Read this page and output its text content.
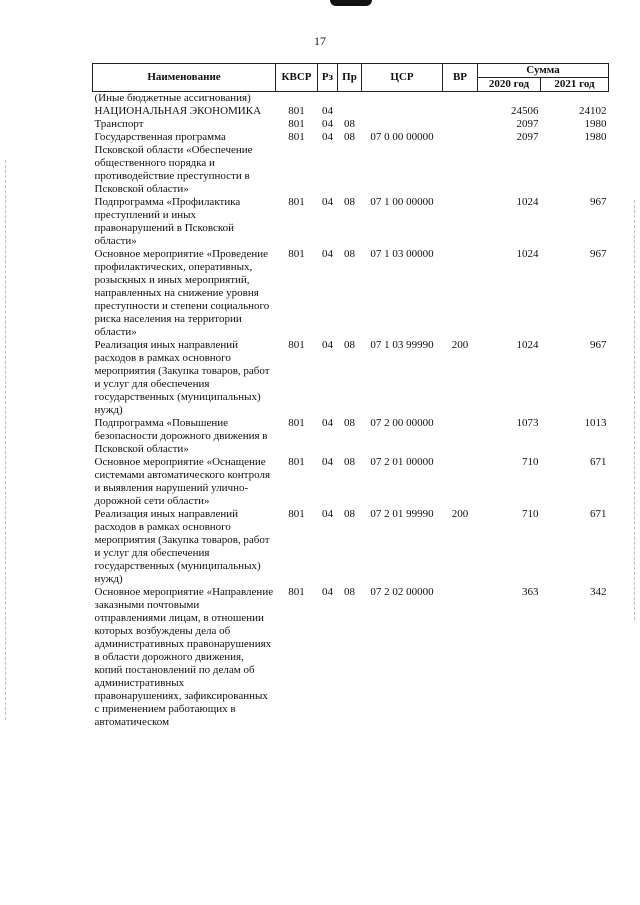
17
Наименование	КВСР	Рз	Пр	ЦСР	ВР	Сумма	
						2020 год	2021 год
(Иные бюджетные ассигнования)							
НАЦИОНАЛЬНАЯ ЭКОНОМИКА	801	04				24506	24102
Транспорт	801	04	08			2097	1980
Государственная программа Псковской области «Обеспечение общественного порядка и противодействие преступности в Псковской области»	801	04	08	07 0 00 00000		2097	1980
Подпрограмма «Профилактика преступлений и иных правонарушений в Псковской области»	801	04	08	07 1 00 00000		1024	967
Основное мероприятие «Проведение профилактических, оперативных, розыскных и иных мероприятий, направленных на снижение уровня преступности и степени социального риска населения на территории области»	801	04	08	07 1 03 00000		1024	967
Реализация иных направлений расходов в рамках основного мероприятия (Закупка товаров, работ и услуг для обеспечения государственных (муниципальных) нужд)	801	04	08	07 1 03 99990	200	1024	967
Подпрограмма «Повышение безопасности дорожного движения в Псковской области»	801	04	08	07 2 00 00000		1073	1013
Основное мероприятие «Оснащение системами автоматического контроля и выявления нарушений улично-дорожной сети области»	801	04	08	07 2 01 00000		710	671
Реализация иных направлений расходов в рамках основного мероприятия (Закупка товаров, работ и услуг для обеспечения государственных (муниципальных) нужд)	801	04	08	07 2 01 99990	200	710	671
Основное мероприятие «Направление заказными почтовыми отправлениями лицам, в отношении которых возбуждены дела об административных правонарушениях в области дорожного движения, копий постановлений по делам об административных правонарушениях, зафиксированных с применением работающих в автоматическом	801	04	08	07 2 02 00000		363	342
